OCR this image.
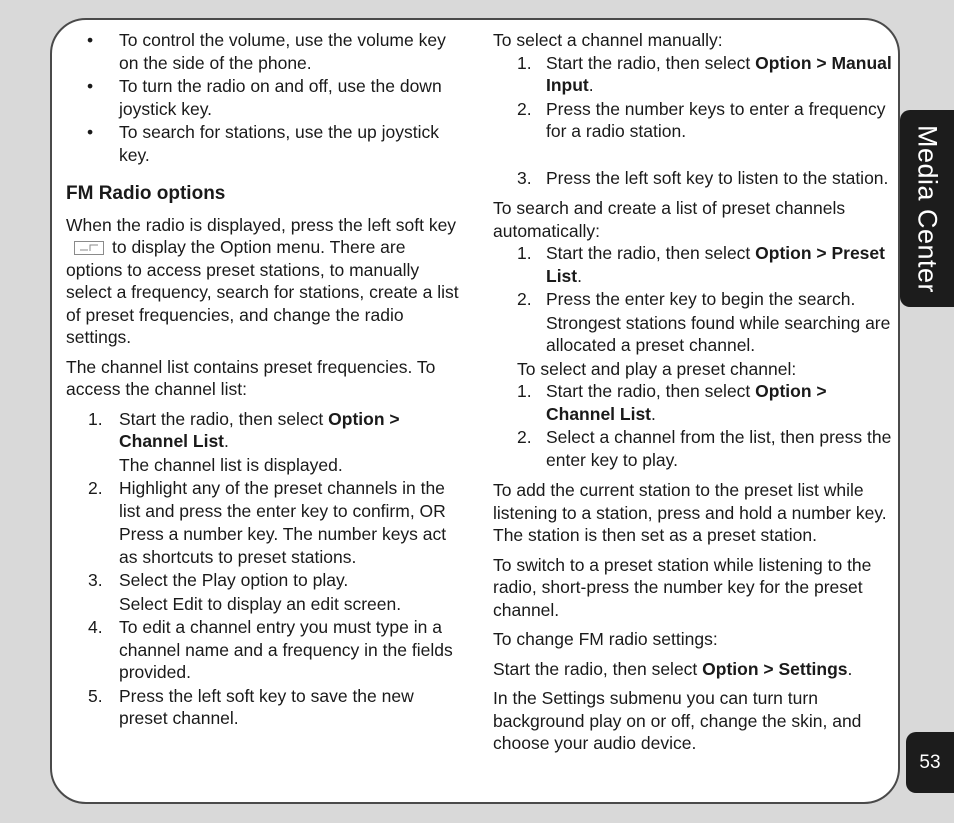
• To control the volume, use the volume key on the side of the phone.
• To turn the radio on and off, use the down joystick key.
• To search for stations, use the up joystick key.
FM Radio options

When the radio is displayed, press the left soft keyto display the Option menu. There are options to access preset stations, to manually select a frequency, search for stations, create a list of preset frequencies, and change the radio settings.

The channel list contains preset frequencies. To access the channel list:

1. Start the radio, then select Option > Channel List.
The channel list is displayed.
2. Highlight any of the preset channels in the list and press the enter key to confirm, OR
Press a number key. The number keys act as shortcuts to preset stations.
3. Select the Play option to play.
Select Edit to display an edit screen.
4. To edit a channel entry you must type in a channel name and a frequency in the fields provided.
5. Press the left soft key to save the new preset channel.

To select a channel manually:

1. Start the radio, then select Option > Manual Input.
2. Press the number keys to enter a frequency for a radio station.
3. Press the left soft key to listen to the station.

To search and create a list of preset channels automatically:

1. Start the radio, then select Option > Preset List.
2. Press the enter key to begin the search.
Strongest stations found while searching are allocated a preset channel.

To select and play a preset channel:

1. Start the radio, then select Option > Channel List.
2. Select a channel from the list, then press the enter key to play.

To add the current station to the preset list while listening to a station, press and hold a number key. The station is then set as a preset station.

To switch to a preset station while listening to the radio, short-press the number key for the preset channel.

To change FM radio settings:

Start the radio, then select Option > Settings.

In the Settings submenu you can turn turn background play on or off, change the skin, and choose your audio device.

Media Center
53
